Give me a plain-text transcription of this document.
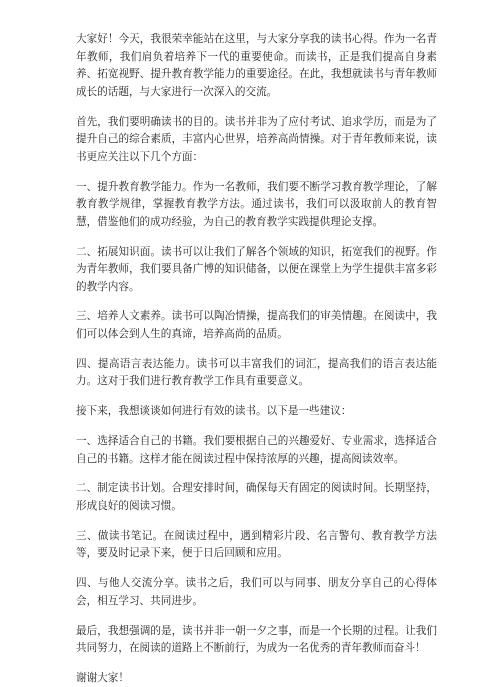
大家好！今天，我很荣幸能站在这里，与大家分享我的读书心得。作为一名青年教师，我们肩负着培养下一代的重要使命。而读书，正是我们提高自身素养、拓宽视野、提升教育教学能力的重要途径。在此，我想就读书与青年教师成长的话题，与大家进行一次深入的交流。

首先，我们要明确读书的目的。读书并非为了应付考试、追求学历，而是为了提升自己的综合素质，丰富内心世界，培养高尚情操。对于青年教师来说，读书更应关注以下几个方面：

一、提升教育教学能力。作为一名教师，我们要不断学习教育教学理论，了解教育教学规律，掌握教育教学方法。通过读书，我们可以汲取前人的教育智慧，借鉴他们的成功经验，为自己的教育教学实践提供理论支撑。

二、拓展知识面。读书可以让我们了解各个领域的知识，拓宽我们的视野。作为青年教师，我们要具备广博的知识储备，以便在课堂上为学生提供丰富多彩的教学内容。

三、培养人文素养。读书可以陶冶情操，提高我们的审美情趣。在阅读中，我们可以体会到人生的真谛，培养高尚的品质。

四、提高语言表达能力。读书可以丰富我们的词汇，提高我们的语言表达能力。这对于我们进行教育教学工作具有重要意义。

接下来，我想谈谈如何进行有效的读书。以下是一些建议：

一、选择适合自己的书籍。我们要根据自己的兴趣爱好、专业需求，选择适合自己的书籍。这样才能在阅读过程中保持浓厚的兴趣，提高阅读效率。

二、制定读书计划。合理安排时间，确保每天有固定的阅读时间。长期坚持，形成良好的阅读习惯。

三、做读书笔记。在阅读过程中，遇到精彩片段、名言警句、教育教学方法等，要及时记录下来，便于日后回顾和应用。

四、与他人交流分享。读书之后，我们可以与同事、朋友分享自己的心得体会，相互学习、共同进步。

最后，我想强调的是，读书并非一朝一夕之事，而是一个长期的过程。让我们共同努力，在阅读的道路上不断前行，为成为一名优秀的青年教师而奋斗！

谢谢大家！
